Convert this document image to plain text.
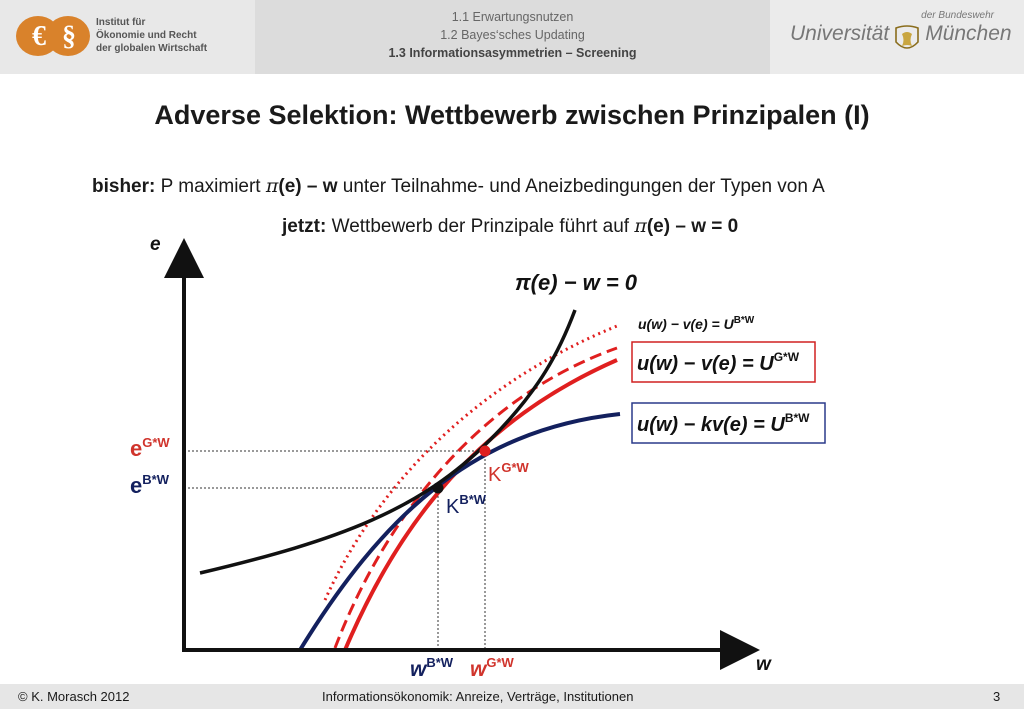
€ § Institut für
Ökonomie und Recht
der globalen Wirtschaft
1.1 Erwartungsnutzen
1.2 Bayes‘sches Updating
1.3 Informationsasymmetrien – Screening
der Bundeswehr
Universität München
Adverse Selektion: Wettbewerb zwischen Prinzipalen (I)
bisher: P maximiert π(e) – w unter Teilnahme- und Aneizbedingungen der Typen von A
jetzt: Wettbewerb der Prinzipale führt auf π(e) – w = 0
e
w
π(e) − w = 0
$u(w) - v(e) = U^{B*W}$
$u(w) - v(e) = U^{G*W}$
$u(w) - kv(e) = U^{B*W}$
$K^{G*W}$
$K^{B*W}$
$e^{G*W}$
$e^{B*W}$
$w^{B*W}$ $w^{G*W}$
© K. Morasch 2012	Informationsökonomik: Anreize, Verträge, Institutionen	3
